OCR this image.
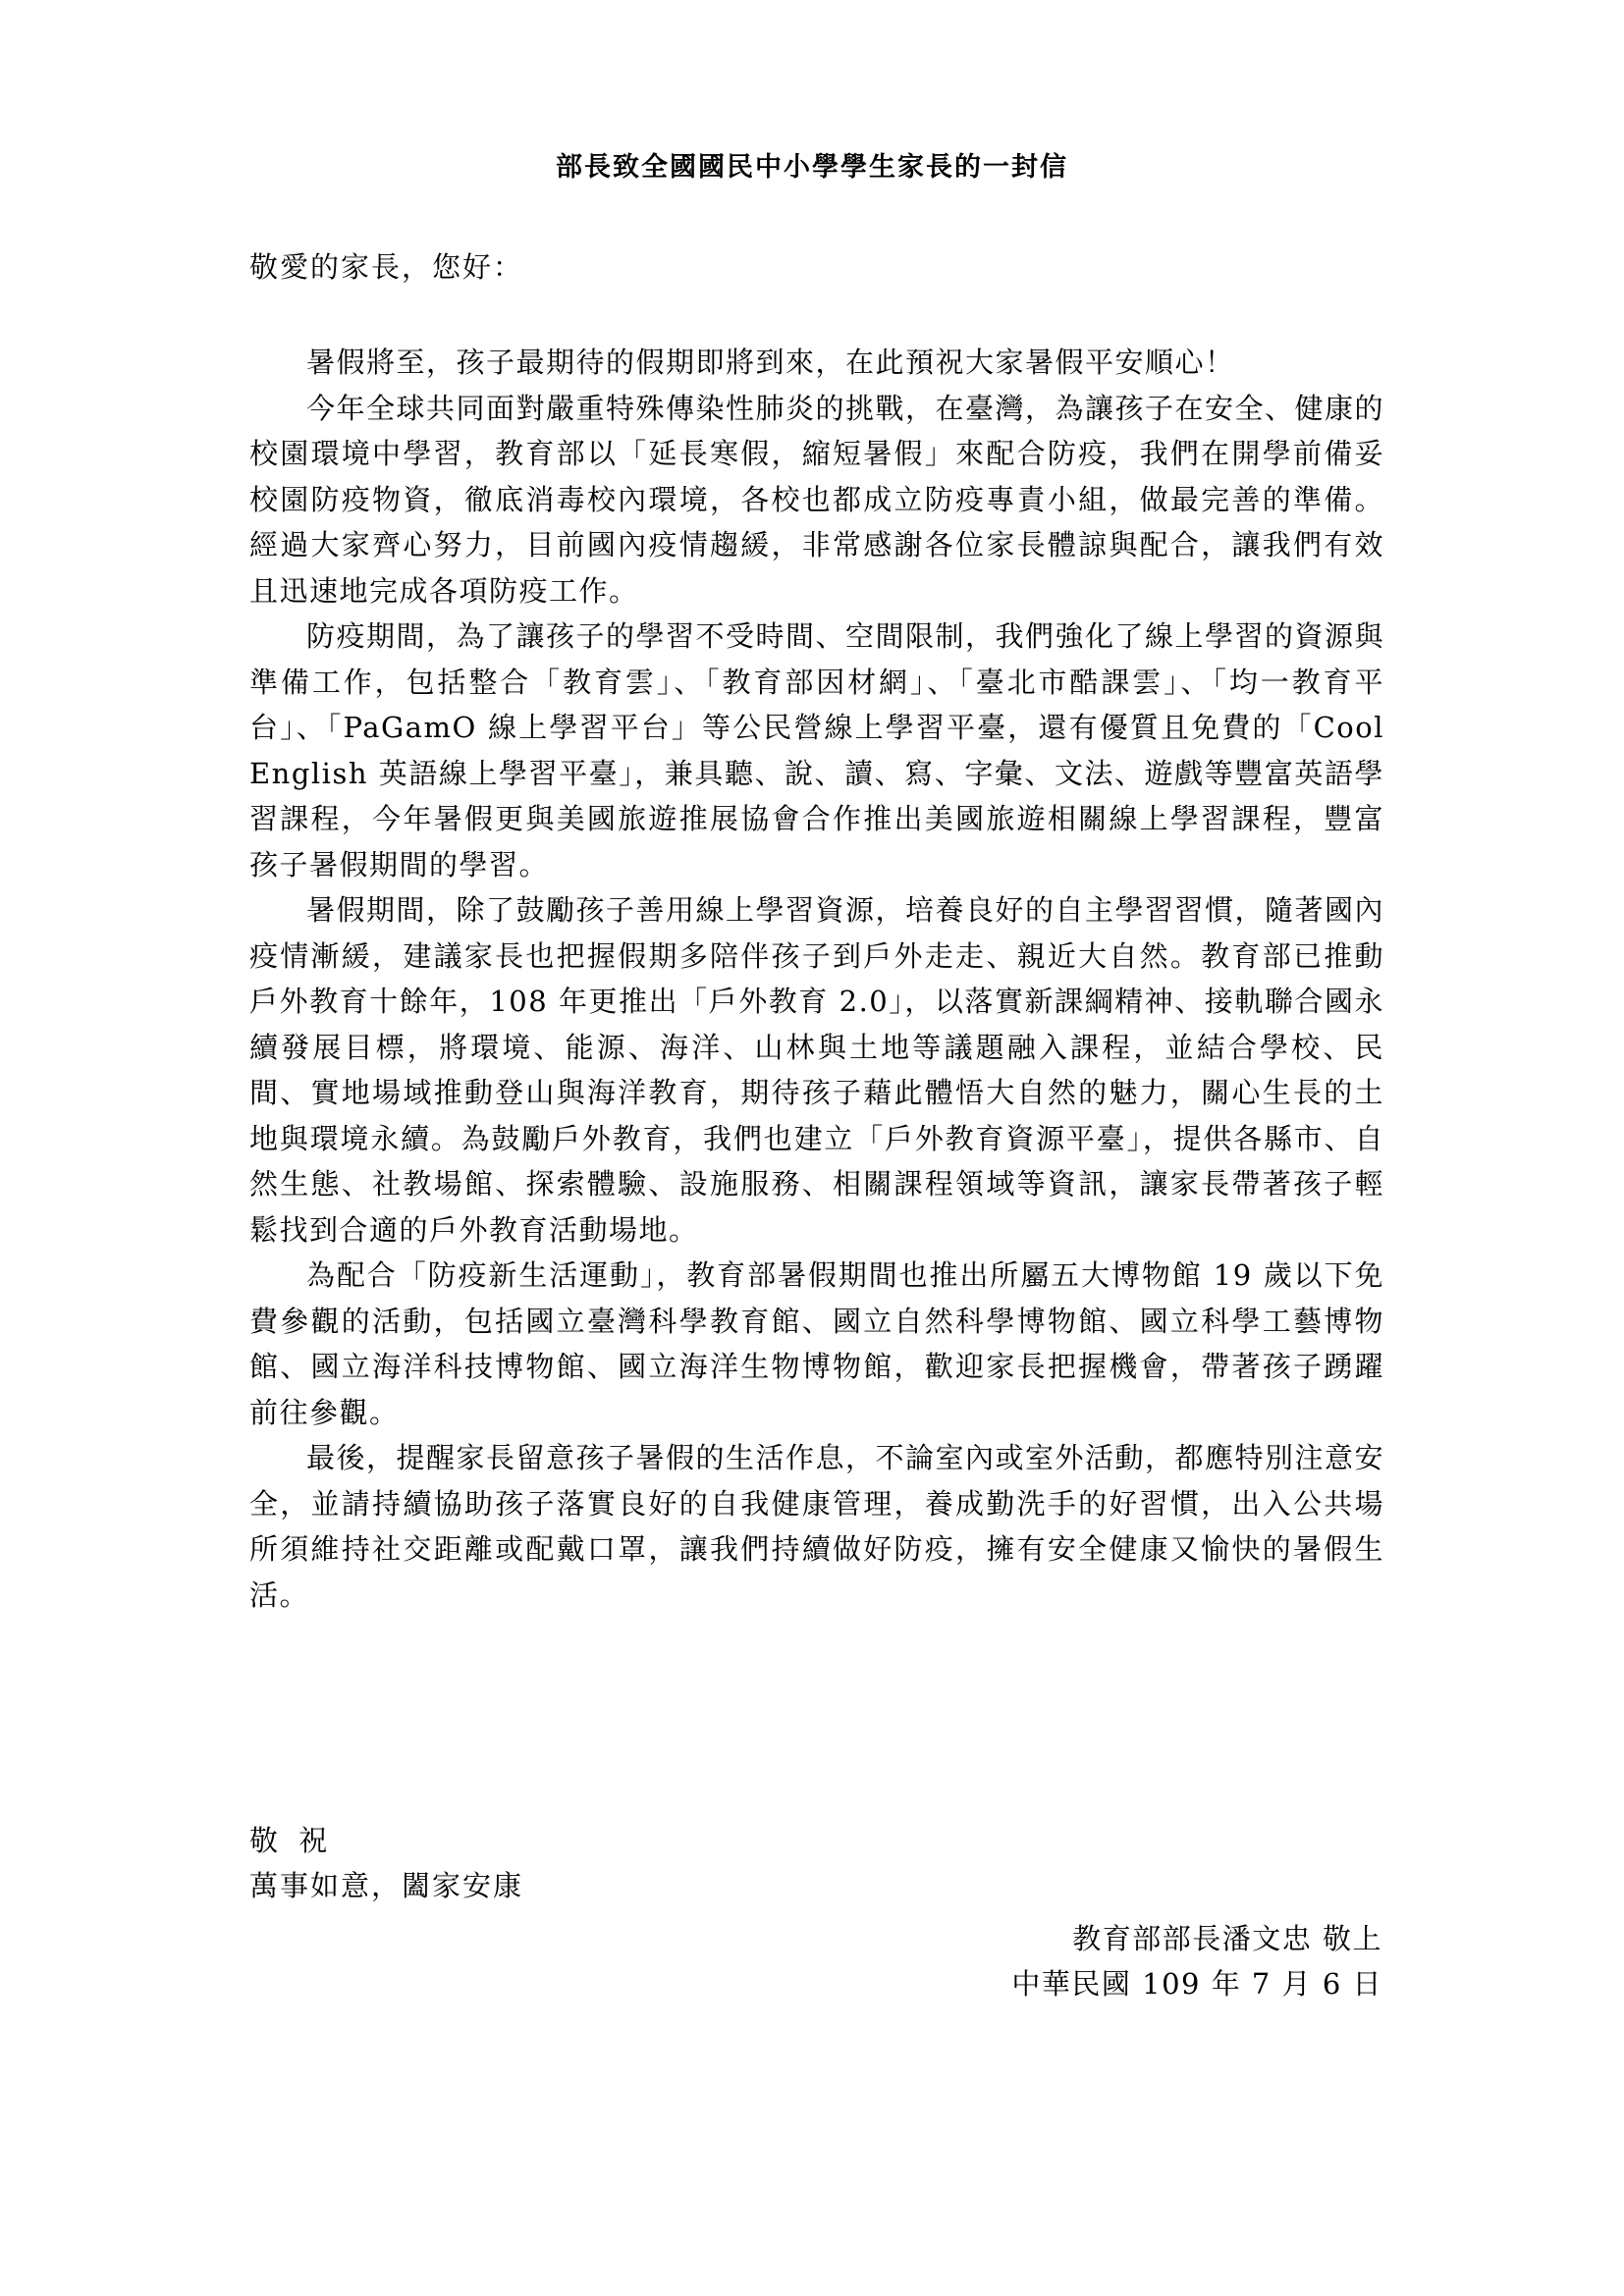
部長致全國國民中小學學生家長的一封信

敬愛的家長，您好：

暑假將至，孩子最期待的假期即將到來，在此預祝大家暑假平安順心！

今年全球共同面對嚴重特殊傳染性肺炎的挑戰，在臺灣，為讓孩子在安全、健康的校園環境中學習，教育部以「延長寒假，縮短暑假」來配合防疫，我們在開學前備妥校園防疫物資，徹底消毒校內環境，各校也都成立防疫專責小組，做最完善的準備。經過大家齊心努力，目前國內疫情趨緩，非常感謝各位家長體諒與配合，讓我們有效且迅速地完成各項防疫工作。

防疫期間，為了讓孩子的學習不受時間、空間限制，我們強化了線上學習的資源與準備工作，包括整合「教育雲」、「教育部因材網」、「臺北市酷課雲」、「均一教育平台」、「PaGamO 線上學習平台」等公民營線上學習平臺，還有優質且免費的「Cool English 英語線上學習平臺」，兼具聽、說、讀、寫、字彙、文法、遊戲等豐富英語學習課程，今年暑假更與美國旅遊推展協會合作推出美國旅遊相關線上學習課程，豐富孩子暑假期間的學習。

暑假期間，除了鼓勵孩子善用線上學習資源，培養良好的自主學習習慣，隨著國內疫情漸緩，建議家長也把握假期多陪伴孩子到戶外走走、親近大自然。教育部已推動戶外教育十餘年，108 年更推出「戶外教育 2.0」，以落實新課綱精神、接軌聯合國永續發展目標，將環境、能源、海洋、山林與土地等議題融入課程，並結合學校、民間、實地場域推動登山與海洋教育，期待孩子藉此體悟大自然的魅力，關心生長的土地與環境永續。為鼓勵戶外教育，我們也建立「戶外教育資源平臺」，提供各縣市、自然生態、社教場館、探索體驗、設施服務、相關課程領域等資訊，讓家長帶著孩子輕鬆找到合適的戶外教育活動場地。

為配合「防疫新生活運動」，教育部暑假期間也推出所屬五大博物館 19 歲以下免費參觀的活動，包括國立臺灣科學教育館、國立自然科學博物館、國立科學工藝博物館、國立海洋科技博物館、國立海洋生物博物館，歡迎家長把握機會，帶著孩子踴躍前往參觀。

最後，提醒家長留意孩子暑假的生活作息，不論室內或室外活動，都應特別注意安全，並請持續協助孩子落實良好的自我健康管理，養成勤洗手的好習慣，出入公共場所須維持社交距離或配戴口罩，讓我們持續做好防疫，擁有安全健康又愉快的暑假生活。

敬 祝

萬事如意，闔家安康

教育部部長潘文忠 敬上

中華民國 109 年 7 月 6 日
